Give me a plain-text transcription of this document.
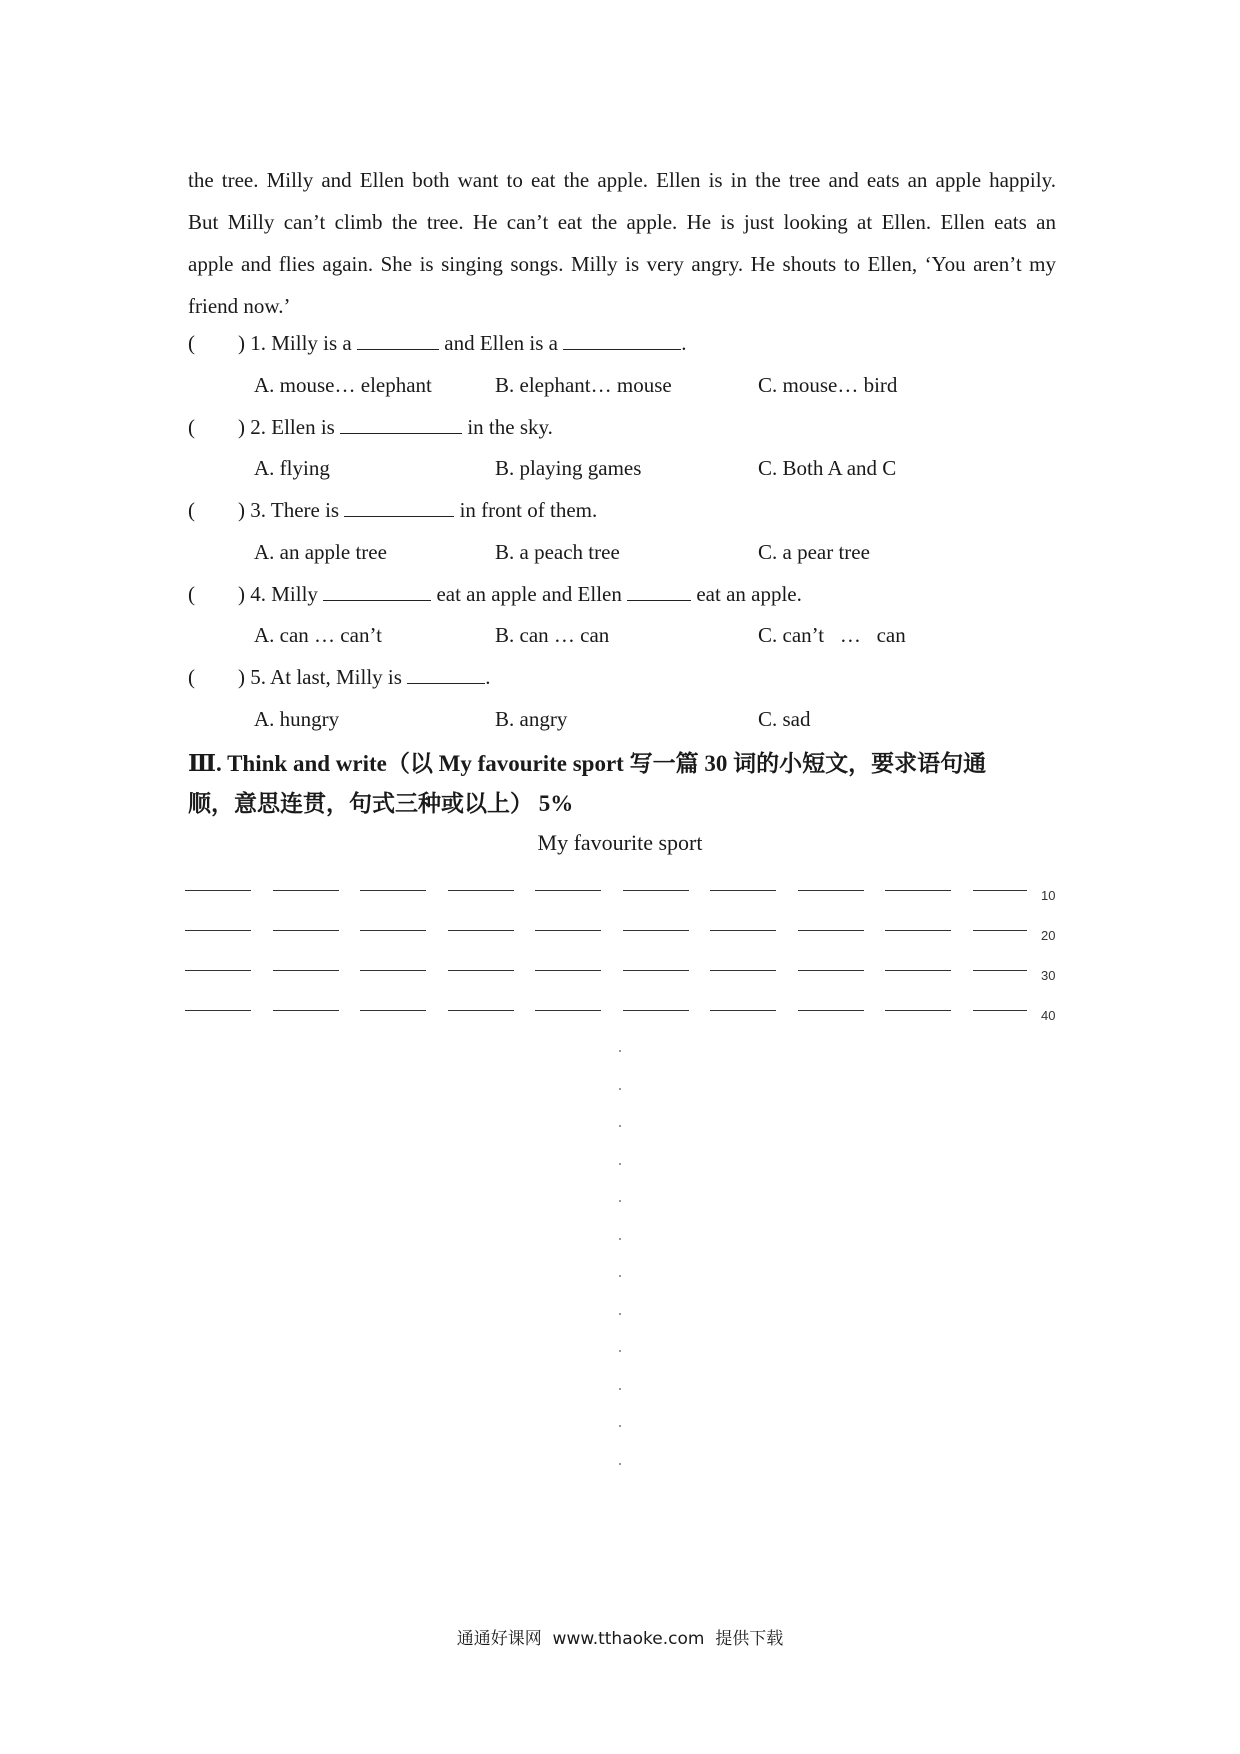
the tree. Milly and Ellen both want to eat the apple. Ellen is in the tree and eats an apple happily.

But Milly can’t climb the tree. He can’t eat the apple. He is just looking at Ellen. Ellen eats an

apple and flies again. She is singing songs. Milly is very angry. He shouts to Ellen, ‘You aren’t my

friend now.’

( ) 1. Milly is a	and Ellen is a	.
A. mouse… elephant	B. elephant… mouse	C. mouse… bird
( ) 2. Ellen is	in the sky.
A. flying	B. playing games	C. Both A and C
( ) 3. There is	in front of them.
A. an apple tree	B. a peach tree	C. a pear tree
( ) 4. Milly	eat an apple and Ellen	eat an apple.
A. can … can’t	B. can … can	C. can’t   …   can
( ) 5. At last, Milly is	.
A. hungry	B. angry	C. sad
Ⅲ. Think and write（以 My favourite sport 写一篇 30 词的小短文，要求语句通
顺，意思连贯，句式三种或以上） 5%
My favourite sport
10
20
30
40
通通好课网  www.tthaoke.com  提供下载
